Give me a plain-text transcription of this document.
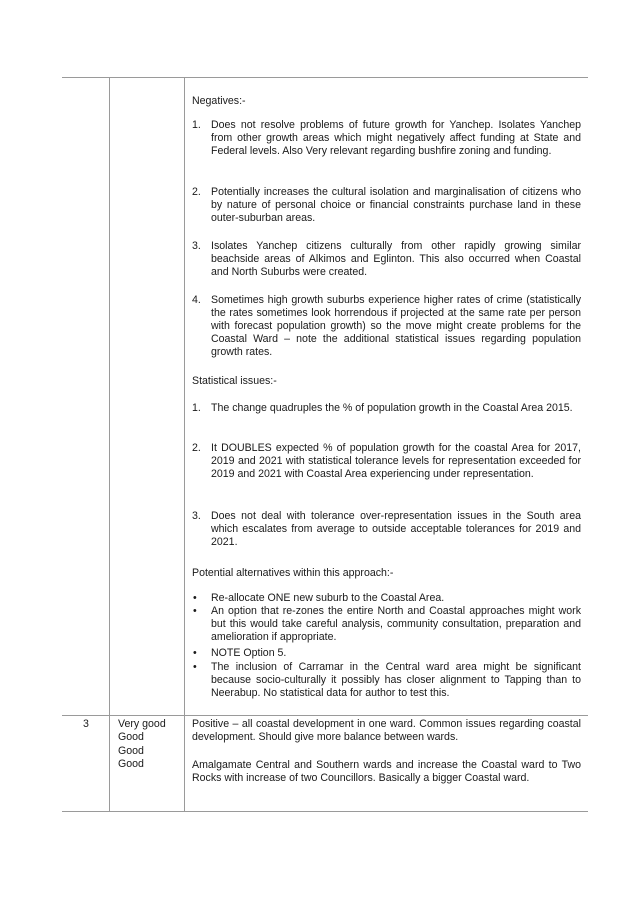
Negatives:-
1. Does not resolve problems of future growth for Yanchep. Isolates Yanchep from other growth areas which might negatively affect funding at State and Federal levels. Also Very relevant regarding bushfire zoning and funding.
2. Potentially increases the cultural isolation and marginalisation of citizens who by nature of personal choice or financial constraints purchase land in these outer-suburban areas.
3. Isolates Yanchep citizens culturally from other rapidly growing similar beachside areas of Alkimos and Eglinton. This also occurred when Coastal and North Suburbs were created.
4. Sometimes high growth suburbs experience higher rates of crime (statistically the rates sometimes look horrendous if projected at the same rate per person with forecast population growth) so the move might create problems for the Coastal Ward – note the additional statistical issues regarding population growth rates.
Statistical issues:-
1. The change quadruples the % of population growth in the Coastal Area 2015.
2. It DOUBLES expected % of population growth for the coastal Area for 2017, 2019 and 2021 with statistical tolerance levels for representation exceeded for 2019 and 2021 with Coastal Area experiencing under representation.
3. Does not deal with tolerance over-representation issues in the South area which escalates from average to outside acceptable tolerances for 2019 and 2021.
Potential alternatives within this approach:-
• Re-allocate ONE new suburb to the Coastal Area.
• An option that re-zones the entire North and Coastal approaches might work but this would take careful analysis, community consultation, preparation and amelioration if appropriate.
• NOTE Option 5.
• The inclusion of Carramar in the Central ward area might be significant because socio-culturally it possibly has closer alignment to Tapping than to Neerabup. No statistical data for author to test this.
3	Very good
Good
Good
Good
Positive – all coastal development in one ward. Common issues regarding coastal development. Should give more balance between wards.
Amalgamate Central and Southern wards and increase the Coastal ward to Two Rocks with increase of two Councillors. Basically a bigger Coastal ward.
